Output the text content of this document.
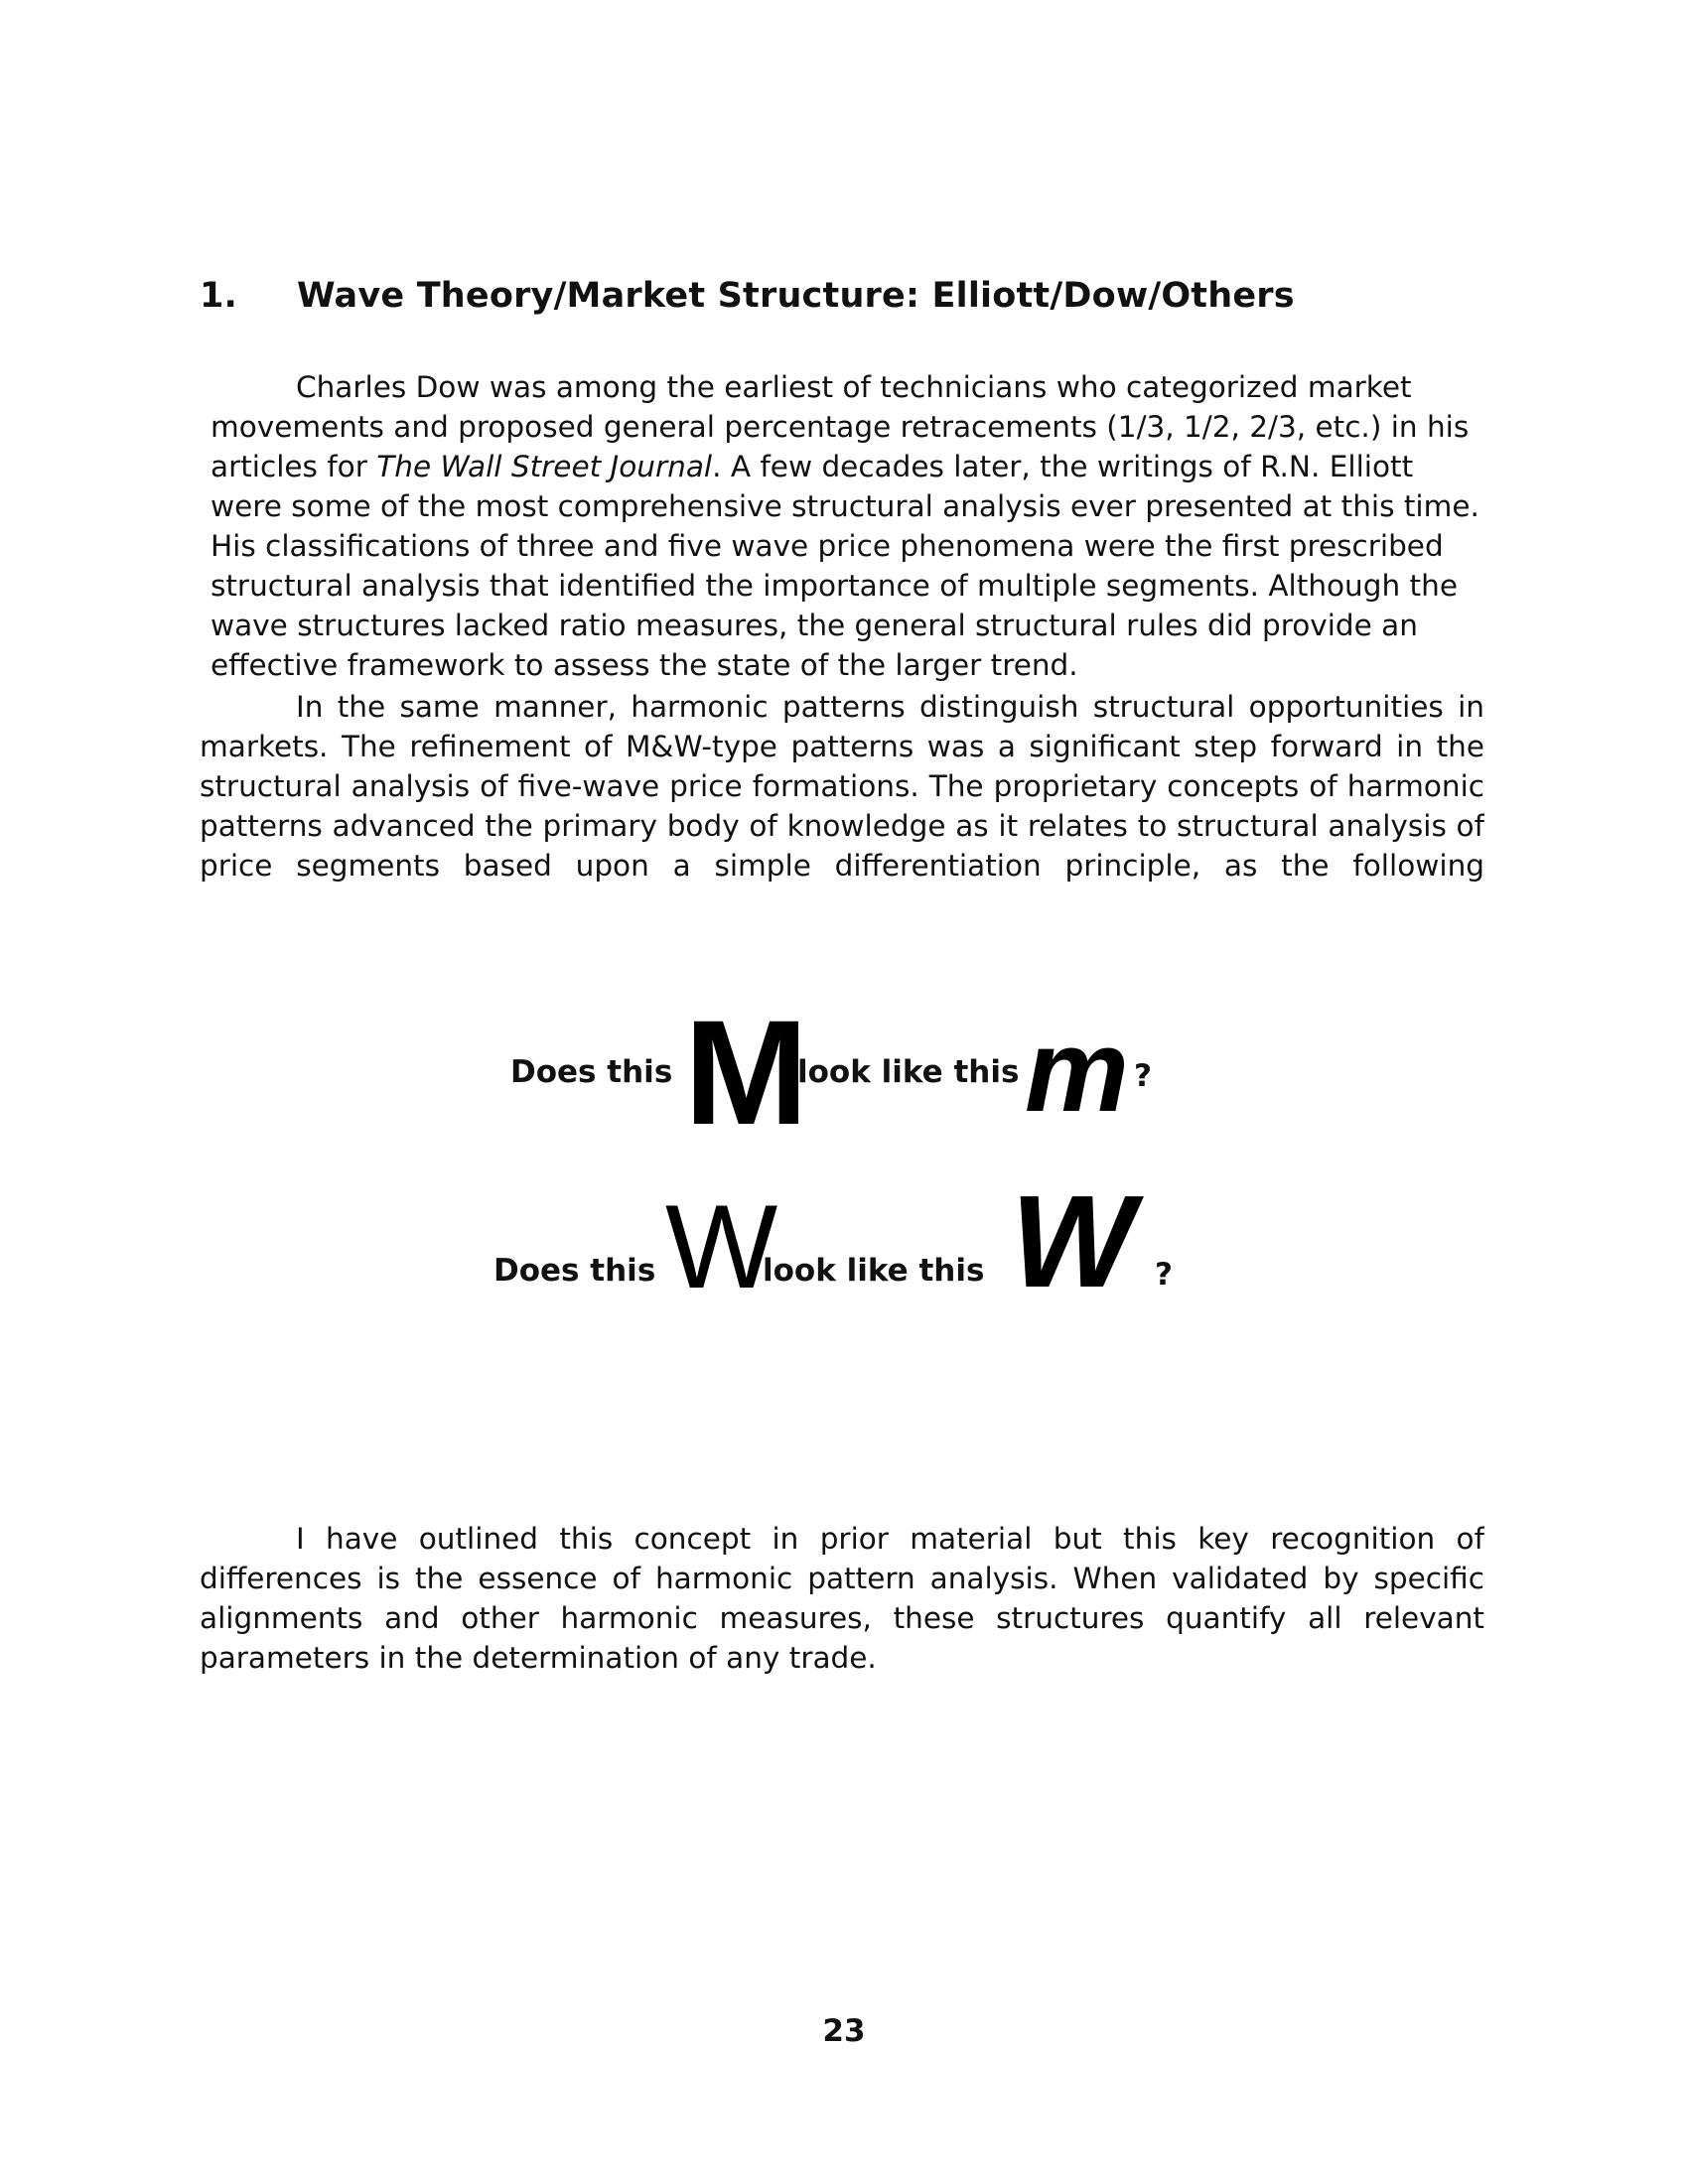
1. Wave Theory/Market Structure: Elliott/Dow/Others
Charles Dow was among the earliest of technicians who categorized market
movements and proposed general percentage retracements (1/3, 1/2, 2/3, etc.) in his
articles for The Wall Street Journal. A few decades later, the writings of R.N. Elliott
were some of the most comprehensive structural analysis ever presented at this time.
His classifications of three and five wave price phenomena were the first prescribed
structural analysis that identified the importance of multiple segments. Although the
wave structures lacked ratio measures, the general structural rules did provide an
effective framework to assess the state of the larger trend.
In the same manner, harmonic patterns distinguish structural opportunities in
markets. The refinement of M&W-type patterns was a significant step forward in the
structural analysis of five-wave price formations. The proprietary concepts of harmonic
patterns advanced the primary body of knowledge as it relates to structural analysis of
price segments based upon a simple differentiation principle, as the following
Does this M
look like this m ?
Does this W
look like this W ?
I have outlined this concept in prior material but this key recognition of
differences is the essence of harmonic pattern analysis. When validated by specific
alignments and other harmonic measures, these structures quantify all relevant
parameters in the determination of any trade.
23
